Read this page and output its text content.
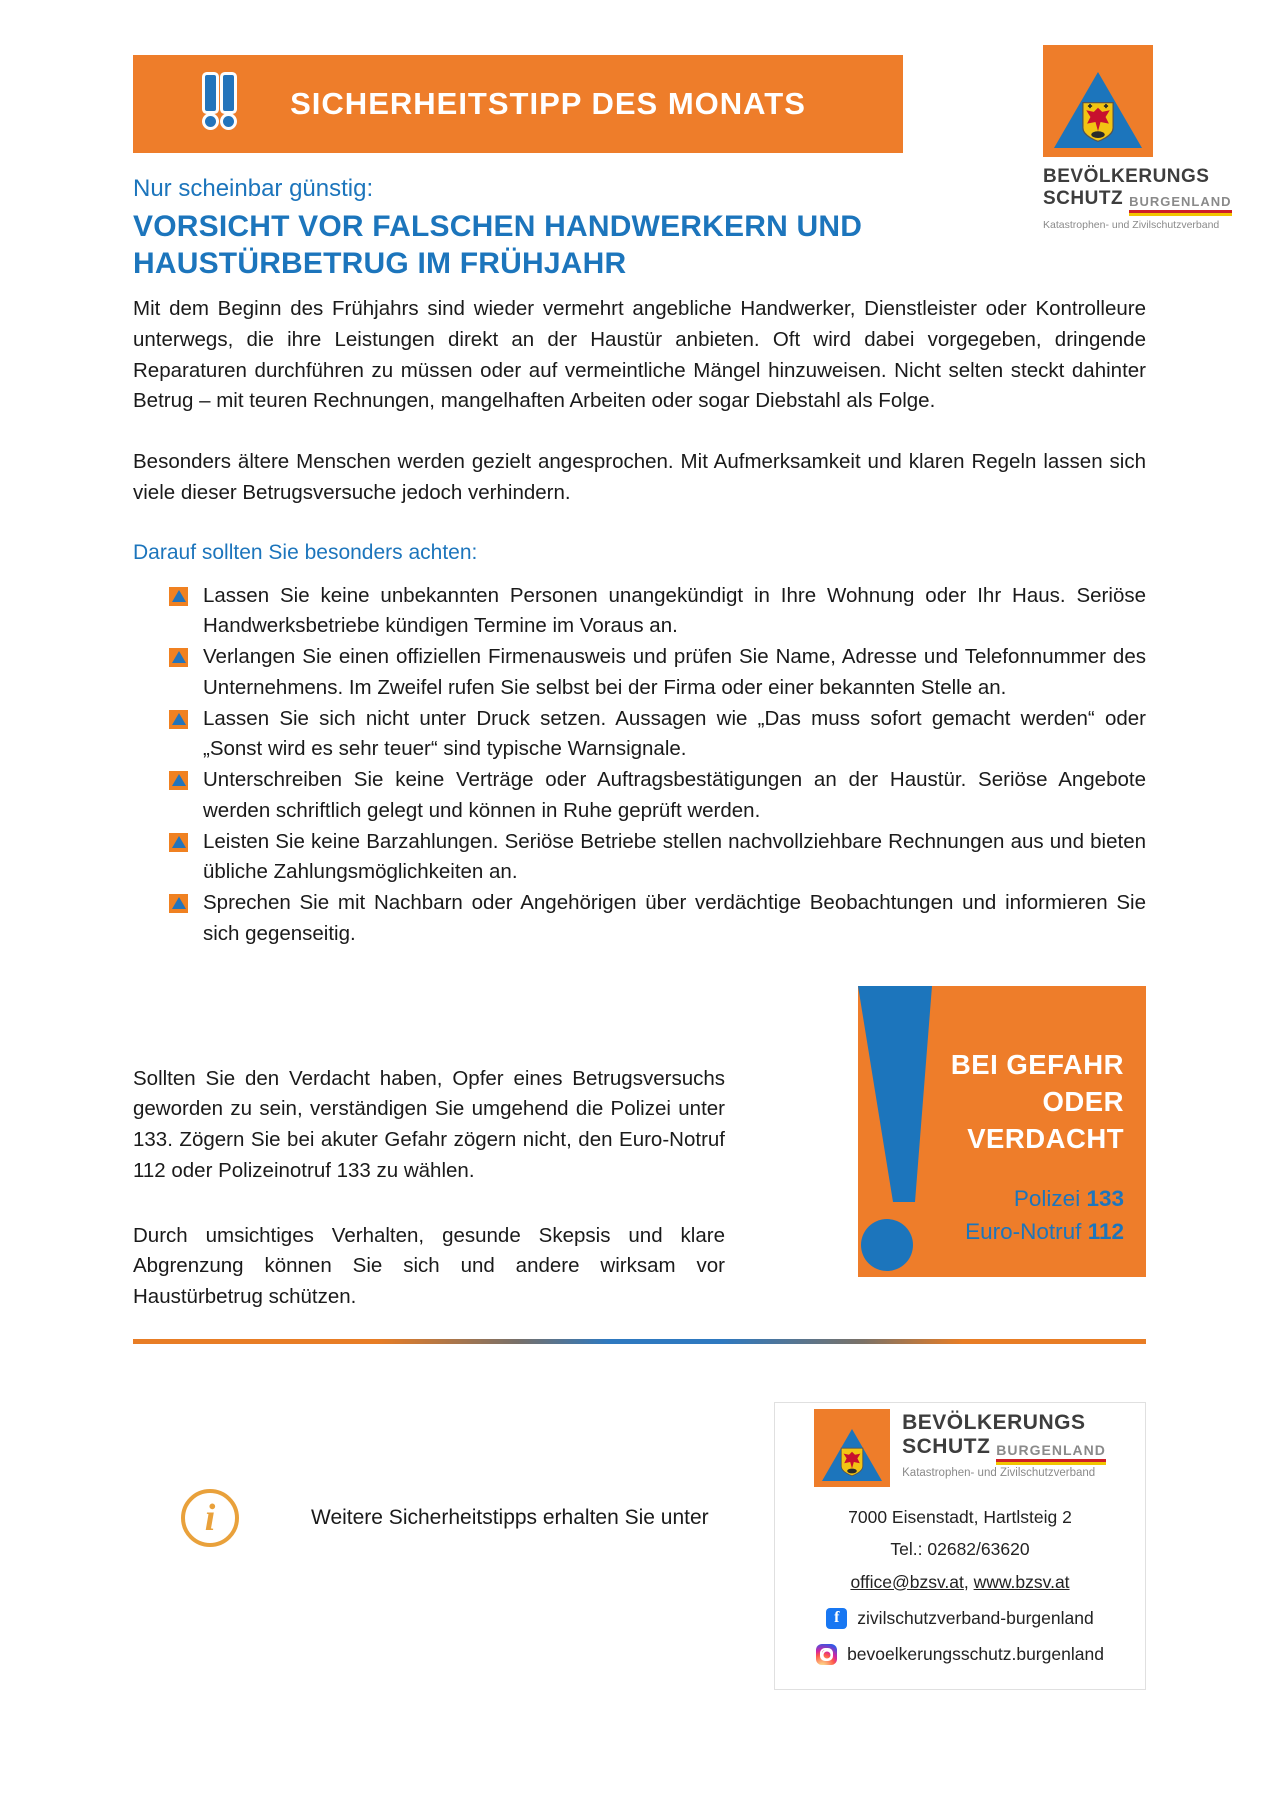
SICHERHEITSTIPP DES MONATS
BEVÖLKERUNGS
SCHUTZ BURGENLAND
Katastrophen- und Zivilschutzverband
Nur scheinbar günstig:
VORSICHT VOR FALSCHEN HANDWERKERN UND HAUSTÜRBETRUG IM FRÜHJAHR

Mit dem Beginn des Frühjahrs sind wieder vermehrt angebliche Handwerker, Dienstleister oder Kontrolleure unterwegs, die ihre Leistungen direkt an der Haustür anbieten. Oft wird dabei vorgegeben, dringende Reparaturen durchführen zu müssen oder auf vermeintliche Mängel hinzuweisen. Nicht selten steckt dahinter Betrug – mit teuren Rechnungen, mangelhaften Arbeiten oder sogar Diebstahl als Folge.

Besonders ältere Menschen werden gezielt angesprochen. Mit Aufmerksamkeit und klaren Regeln lassen sich viele dieser Betrugsversuche jedoch verhindern.

Darauf sollten Sie besonders achten:
Lassen Sie keine unbekannten Personen unangekündigt in Ihre Wohnung oder Ihr Haus. Seriöse Handwerksbetriebe kündigen Termine im Voraus an.
Verlangen Sie einen offiziellen Firmenausweis und prüfen Sie Name, Adresse und Telefonnummer des Unternehmens. Im Zweifel rufen Sie selbst bei der Firma oder einer bekannten Stelle an.
Lassen Sie sich nicht unter Druck setzen. Aussagen wie „Das muss sofort gemacht werden“ oder „Sonst wird es sehr teuer“ sind typische Warnsignale.
Unterschreiben Sie keine Verträge oder Auftragsbestätigungen an der Haustür. Seriöse Angebote werden schriftlich gelegt und können in Ruhe geprüft werden.
Leisten Sie keine Barzahlungen. Seriöse Betriebe stellen nachvollziehbare Rechnungen aus und bieten übliche Zahlungsmöglichkeiten an.
Sprechen Sie mit Nachbarn oder Angehörigen über verdächtige Beobachtungen und informieren Sie sich gegenseitig.

Sollten Sie den Verdacht haben, Opfer eines Betrugsversuchs geworden zu sein, verständigen Sie umgehend die Polizei unter 133. Zögern Sie bei akuter Gefahr zögern nicht, den Euro-Notruf 112 oder Polizeinotruf 133 zu wählen.

Durch umsichtiges Verhalten, gesunde Skepsis und klare Abgrenzung können Sie sich und andere wirksam vor Haustürbetrug schützen.

BEI GEFAHR
ODER
VERDACHT
Polizei 133
Euro-Notruf 112
i	Weitere Sicherheitstipps erhalten Sie unter
BEVÖLKERUNGS
SCHUTZ BURGENLAND
Katastrophen- und Zivilschutzverband
7000 Eisenstadt, Hartlsteig 2
Tel.: 02682/63620
office@bzsv.at, www.bzsv.at
f	zivilschutzverband-burgenland
bevoelkerungsschutz.burgenland
